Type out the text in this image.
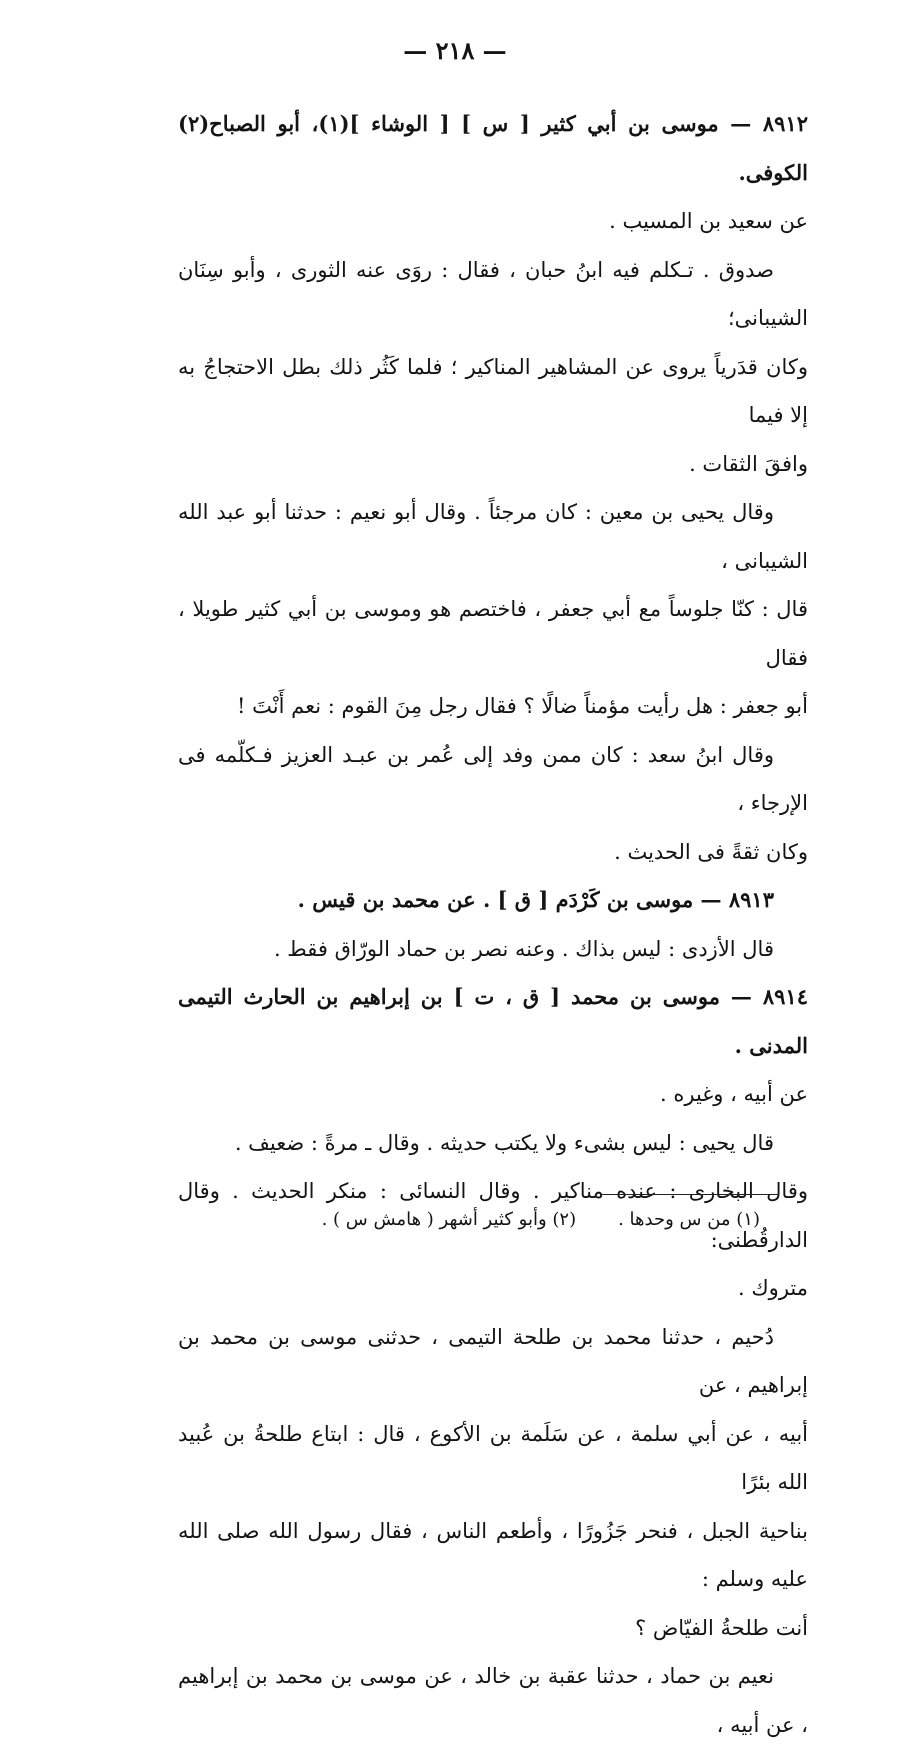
— ٢١٨ —

٨٩١٢ — موسى بن أبي كثير [ س ] [ الوشاء ](١)، أبو الصباح(٢) الكوفى.

عن سعيد بن المسيب .

صدوق . تـكلم فيه ابنُ حبان ، فقال : روَى عنه الثورى ، وأبو سِنَان الشيبانى؛

وكان قدَرياً يروى عن المشاهير المناكير ؛ فلما كَثُر ذلك بطل الاحتجاجُ به إلا فيما

وافقَ الثقات .

وقال يحيى بن معين : كان مرجئاً . وقال أبو نعيم : حدثنا أبو عبد الله الشيبانى ،

قال : كنّا جلوساً مع أبي جعفر ، فاختصم هو وموسى بن أبي كثير طويلا ، فقال

أبو جعفر : هل رأيت مؤمناً ضالًا ؟ فقال رجل مِنَ القوم : نعم أَنْتَ !

وقال ابنُ سعد : كان ممن وفد إلى عُمر بن عبـد العزيز فـكلّمه فى الإرجاء ،

وكان ثقةً فى الحديث .

٨٩١٣ — موسى بن كَرْدَم [ ق ] . عن محمد بن قيس .

قال الأزدى : ليس بذاك . وعنه نصر بن حماد الورّاق فقط .

٨٩١٤ — موسى بن محمد [ ق ، ت ] بن إبراهيم بن الحارث التيمى المدنى .

عن أبيه ، وغيره .

قال يحيى : ليس بشىء ولا يكتب حديثه . وقال ـ مرةً : ضعيف .

وقال البخارى : عنده مناكير . وقال النسائى : منكر الحديث . وقال الدارقُطنى:

متروك .

دُحيم ، حدثنا محمد بن طلحة التيمى ، حدثنى موسى بن محمد بن إبراهيم ، عن

أبيه ، عن أبي سلمة ، عن سَلَمة بن الأكوع ، قال : ابتاع طلحةُ بن عُبيد الله بئرًا

بناحية الجبل ، فنحر جَزُورًا ، وأطعم الناس ، فقال رسول الله صلى الله عليه وسلم :

أنت طلحةُ الفيّاض ؟

نعيم بن حماد ، حدثنا عقبة بن خالد ، عن موسى بن محمد بن إبراهيم ، عن أبيه ،

(١) من س وحدها .(٢) وأبو كثير أشهر ( هامش س ) .
